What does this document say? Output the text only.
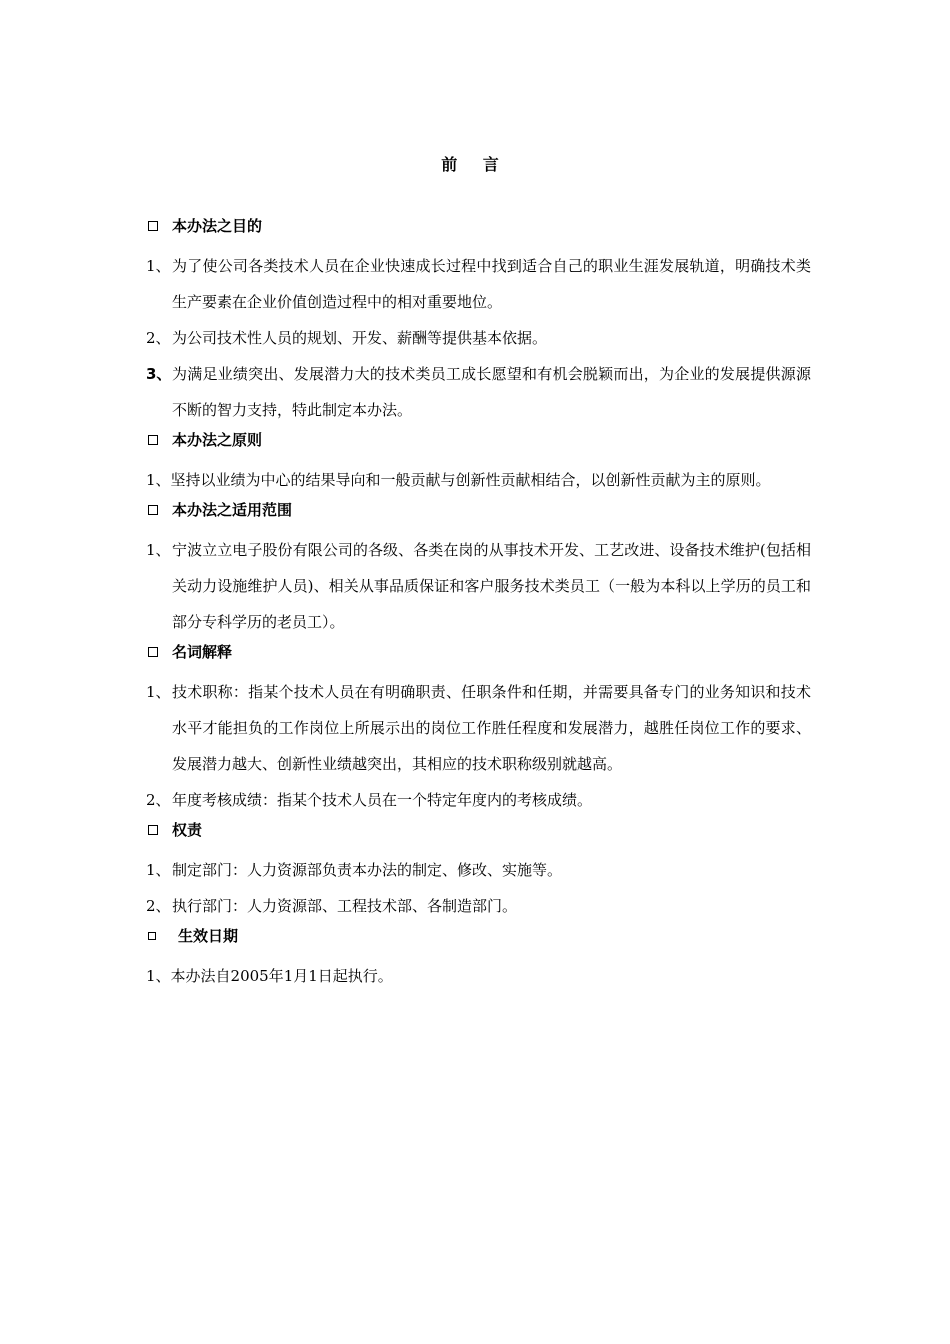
前 言
本办法之目的
1、 为了使公司各类技术人员在企业快速成长过程中找到适合自己的职业生涯发展轨道，明确技术类生产要素在企业价值创造过程中的相对重要地位。
2、 为公司技术性人员的规划、开发、薪酬等提供基本依据。
3、 为满足业绩突出、发展潜力大的技术类员工成长愿望和有机会脱颖而出，为企业的发展提供源源不断的智力支持，特此制定本办法。
本办法之原则
1、坚持以业绩为中心的结果导向和一般贡献与创新性贡献相结合，以创新性贡献为主的原则。
本办法之适用范围
1、 宁波立立电子股份有限公司的各级、各类在岗的从事技术开发、工艺改进、设备技术维护(包括相关动力设施维护人员)、相关从事品质保证和客户服务技术类员工（一般为本科以上学历的员工和部分专科学历的老员工）。
名词解释
1、 技术职称：指某个技术人员在有明确职责、任职条件和任期，并需要具备专门的业务知识和技术水平才能担负的工作岗位上所展示出的岗位工作胜任程度和发展潜力，越胜任岗位工作的要求、发展潜力越大、创新性业绩越突出，其相应的技术职称级别就越高。
2、 年度考核成绩：指某个技术人员在一个特定年度内的考核成绩。
权责
1、 制定部门：人力资源部负责本办法的制定、修改、实施等。
2、 执行部门：人力资源部、工程技术部、各制造部门。
生效日期
1、本办法自2005年1月1日起执行。
